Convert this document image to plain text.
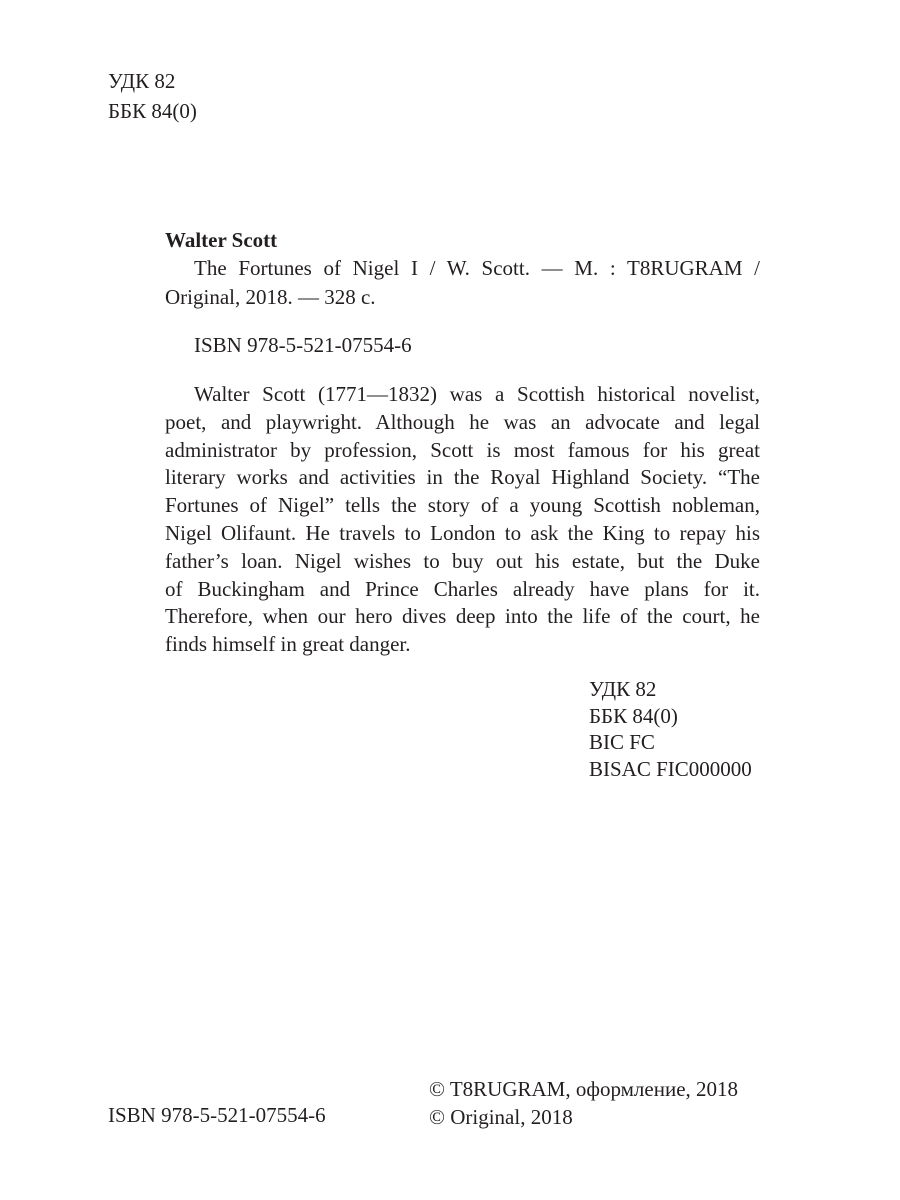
УДК 82
ББК 84(0)
Walter Scott
The Fortunes of Nigel I / W. Scott. — M. : T8RUGRAM /
Original, 2018. — 328 c.
ISBN 978-5-521-07554-6
Walter Scott (1771—1832) was a Scottish historical novelist,
poet, and playwright. Although he was an advocate and legal
administrator by profession, Scott is most famous for his great
literary works and activities in the Royal Highland Society. “The
Fortunes of Nigel” tells the story of a young Scottish nobleman,
Nigel Olifaunt. He travels to London to ask the King to repay his
father’s loan. Nigel wishes to buy out his estate, but the Duke
of Buckingham and Prince Charles already have plans for it.
Therefore, when our hero dives deep into the life of the court, he
finds himself in great danger.
УДК 82
ББК 84(0)
BIC FC
BISAC FIC000000
ISBN 978-5-521-07554-6
© T8RUGRAM, оформление, 2018
© Original, 2018
